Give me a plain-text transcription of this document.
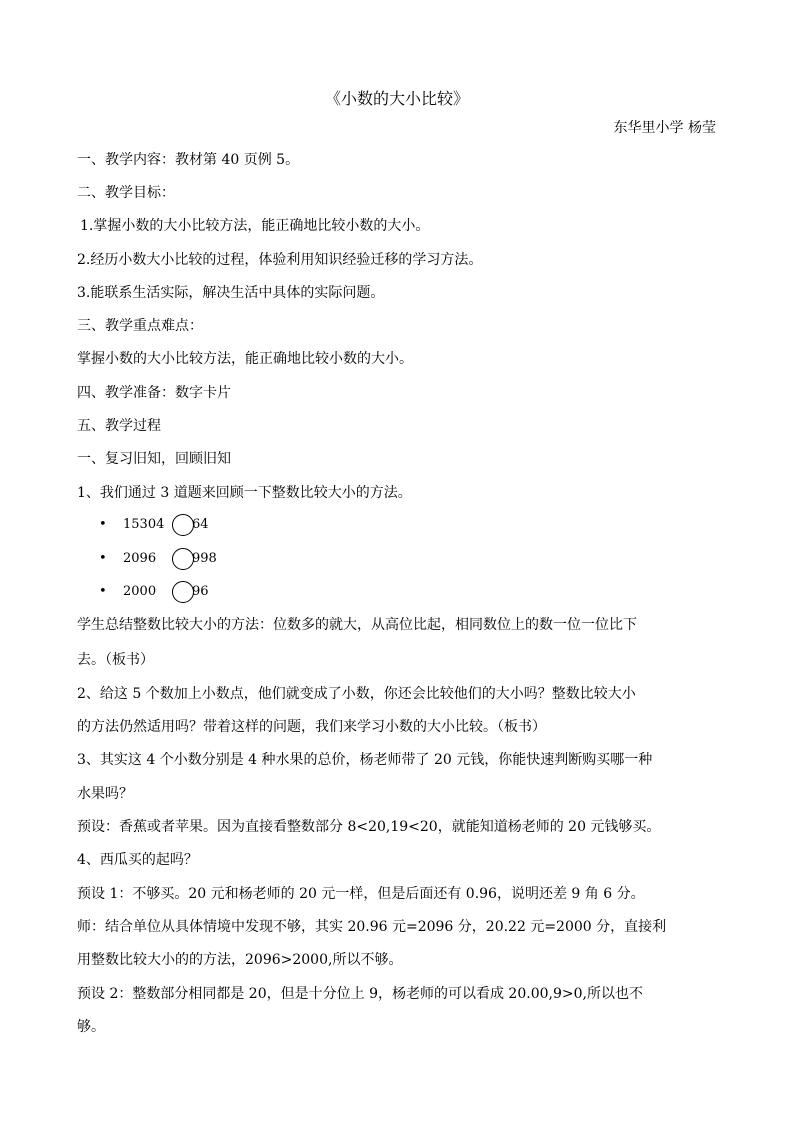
《小数的大小比较》
东华里小学 杨莹
一、教学内容：教材第 40 页例 5。
二、教学目标：
1.掌握小数的大小比较方法，能正确地比较小数的大小。
2.经历小数大小比较的过程，体验利用知识经验迁移的学习方法。
3.能联系生活实际，解决生活中具体的实际问题。
三、教学重点难点：
掌握小数的大小比较方法，能正确地比较小数的大小。
四、教学准备：数字卡片
五、教学过程
一、复习旧知，回顾旧知
1、我们通过 3 道题来回顾一下整数比较大小的方法。
• 15304 64
• 2096	998
• 2000	96
学生总结整数比较大小的方法：位数多的就大，从高位比起，相同数位上的数一位一位比下
去。（板书）
2、给这 5 个数加上小数点，他们就变成了小数，你还会比较他们的大小吗？整数比较大小
的方法仍然适用吗？带着这样的问题，我们来学习小数的大小比较。（板书）
3、其实这 4 个小数分别是 4 种水果的总价，杨老师带了 20 元钱，你能快速判断购买哪一种
水果吗？
预设：香蕉或者苹果。因为直接看整数部分 8<20,19<20，就能知道杨老师的 20 元钱够买。
4、西瓜买的起吗？
预设 1：不够买。20 元和杨老师的 20 元一样，但是后面还有 0.96，说明还差 9 角 6 分。
师：结合单位从具体情境中发现不够，其实 20.96 元=2096 分，20.22 元=2000 分，直接利
用整数比较大小的的方法，2096>2000,所以不够。
预设 2：整数部分相同都是 20，但是十分位上 9，杨老师的可以看成 20.00,9>0,所以也不
够。
